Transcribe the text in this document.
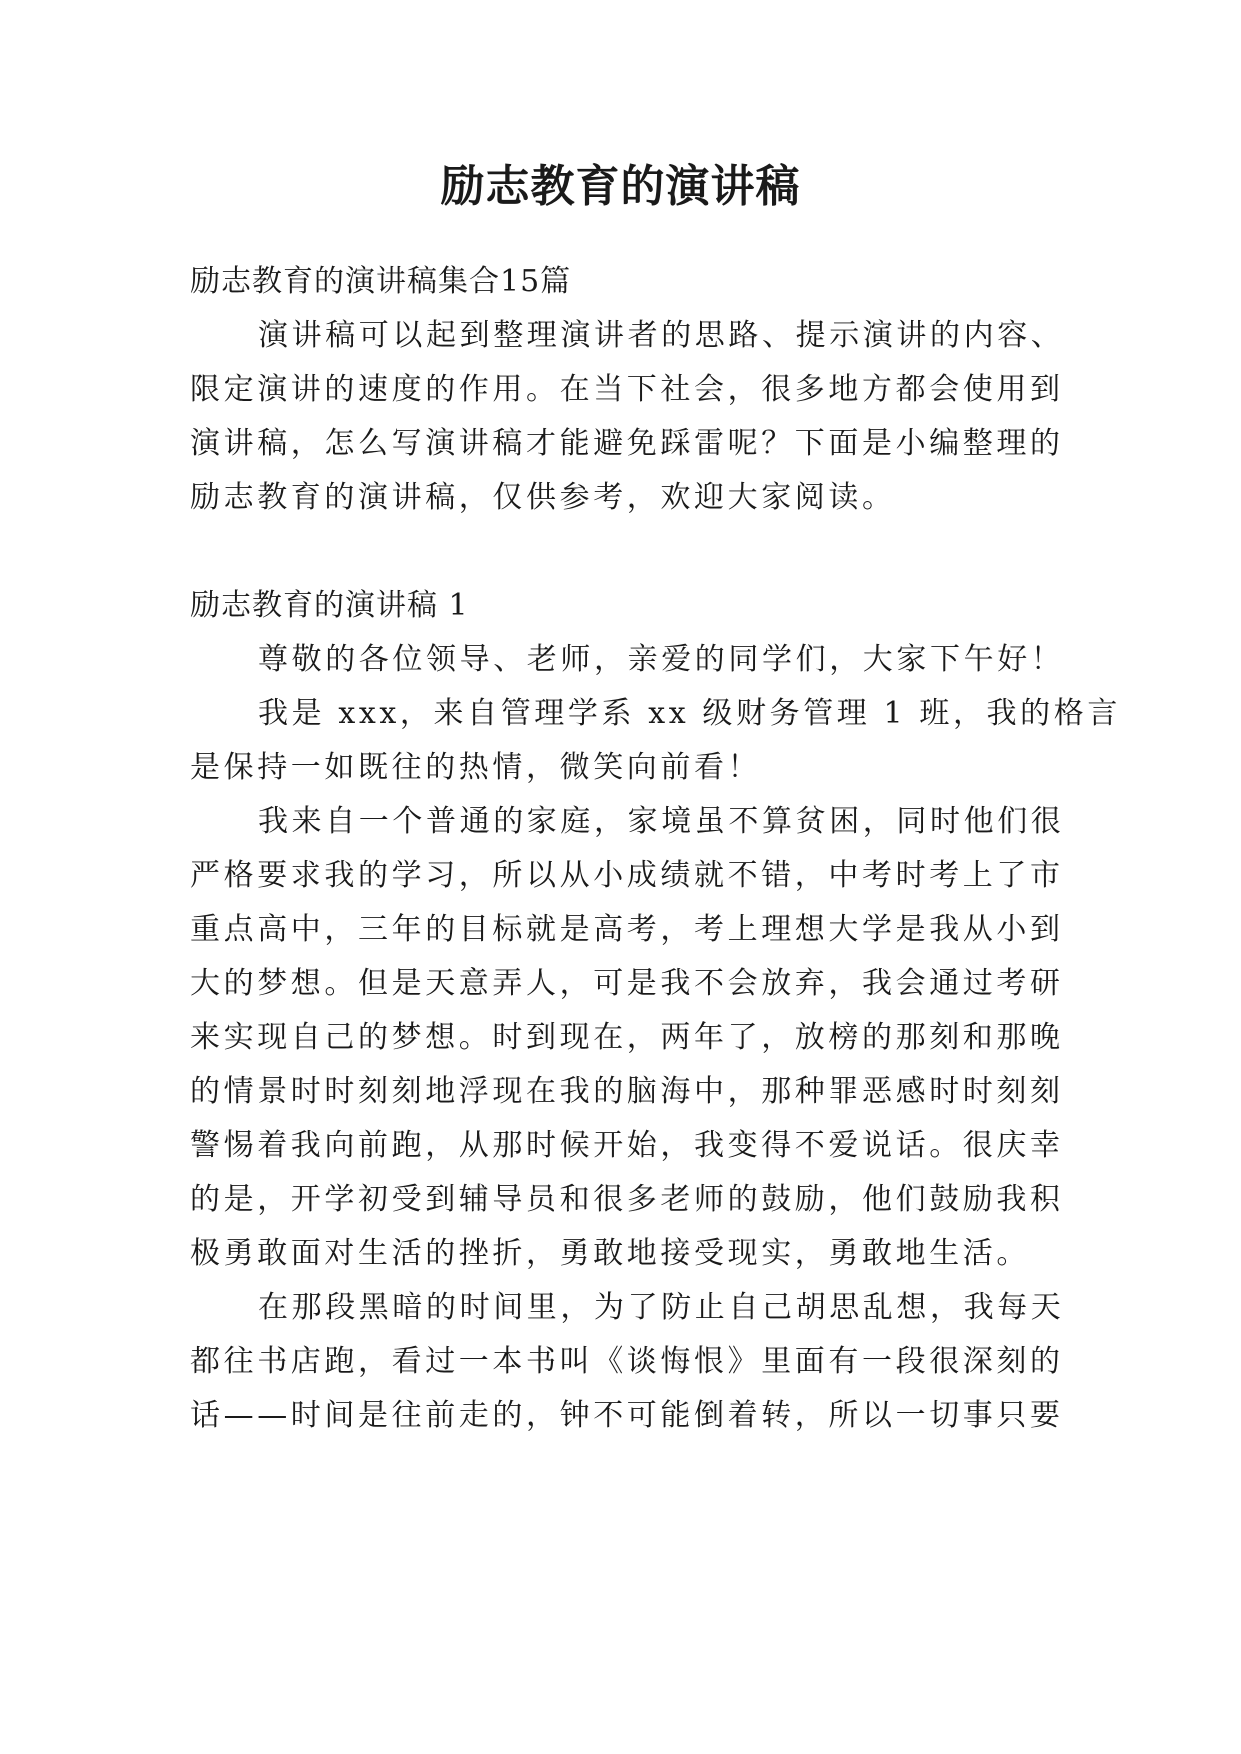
励志教育的演讲稿

励志教育的演讲稿集合15篇

演讲稿可以起到整理演讲者的思路、提示演讲的内容、

限定演讲的速度的作用。在当下社会，很多地方都会使用到

演讲稿，怎么写演讲稿才能避免踩雷呢？下面是小编整理的

励志教育的演讲稿，仅供参考，欢迎大家阅读。

励志教育的演讲稿 1

尊敬的各位领导、老师，亲爱的同学们，大家下午好！

我是 xxx，来自管理学系 xx 级财务管理 1 班，我的格言

是保持一如既往的热情，微笑向前看！

我来自一个普通的家庭，家境虽不算贫困，同时他们很

严格要求我的学习，所以从小成绩就不错，中考时考上了市

重点高中，三年的目标就是高考，考上理想大学是我从小到

大的梦想。但是天意弄人，可是我不会放弃，我会通过考研

来实现自己的梦想。时到现在，两年了，放榜的那刻和那晚

的情景时时刻刻地浮现在我的脑海中，那种罪恶感时时刻刻

警惕着我向前跑，从那时候开始，我变得不爱说话。很庆幸

的是，开学初受到辅导员和很多老师的鼓励，他们鼓励我积

极勇敢面对生活的挫折，勇敢地接受现实，勇敢地生活。

在那段黑暗的时间里，为了防止自己胡思乱想，我每天

都往书店跑，看过一本书叫《谈悔恨》里面有一段很深刻的

话——时间是往前走的，钟不可能倒着转，所以一切事只要
